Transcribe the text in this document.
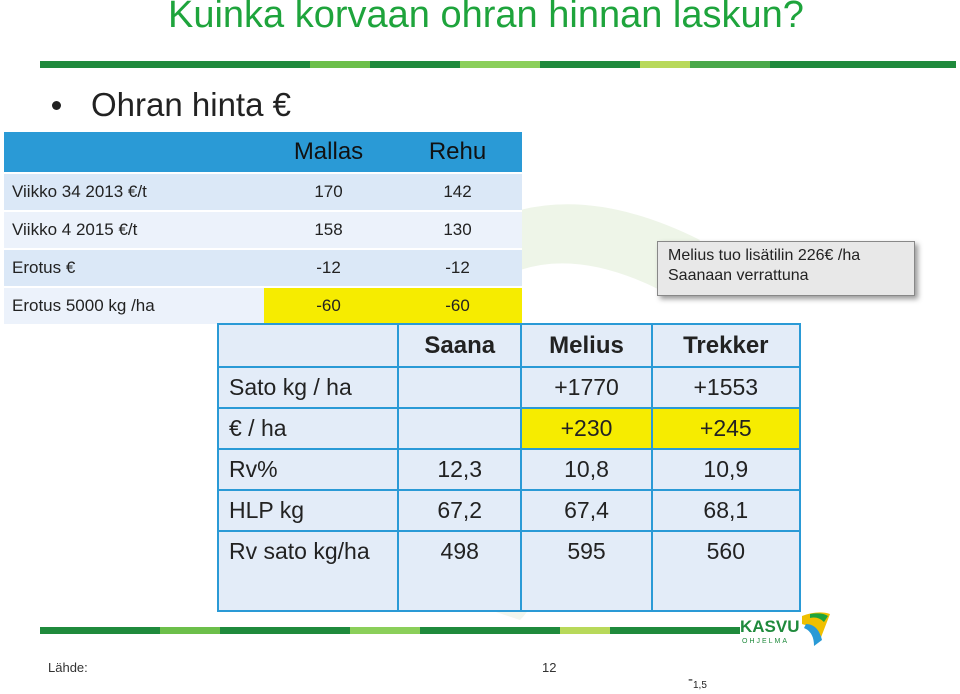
Kuinka korvaan ohran hinnan laskun?
Ohran hinta €
	Mallas	Rehu
Viikko 34 2013 €/t	170	142
Viikko 4 2015 €/t	158	130
Erotus €	-12	-12
Erotus 5000 kg /ha	-60	-60
Melius tuo lisätilin 226€ /ha
Saanaan verrattuna
	Saana	Melius	Trekker
Sato kg / ha		+1770	+1553
€ / ha		+230	+245
Rv%	12,3	10,8	10,9
HLP kg	67,2	67,4	68,1
Rv sato kg/ha	498	595	560
KASVU
OHJELMA
Lähde:	12
$-_{1,5}$
